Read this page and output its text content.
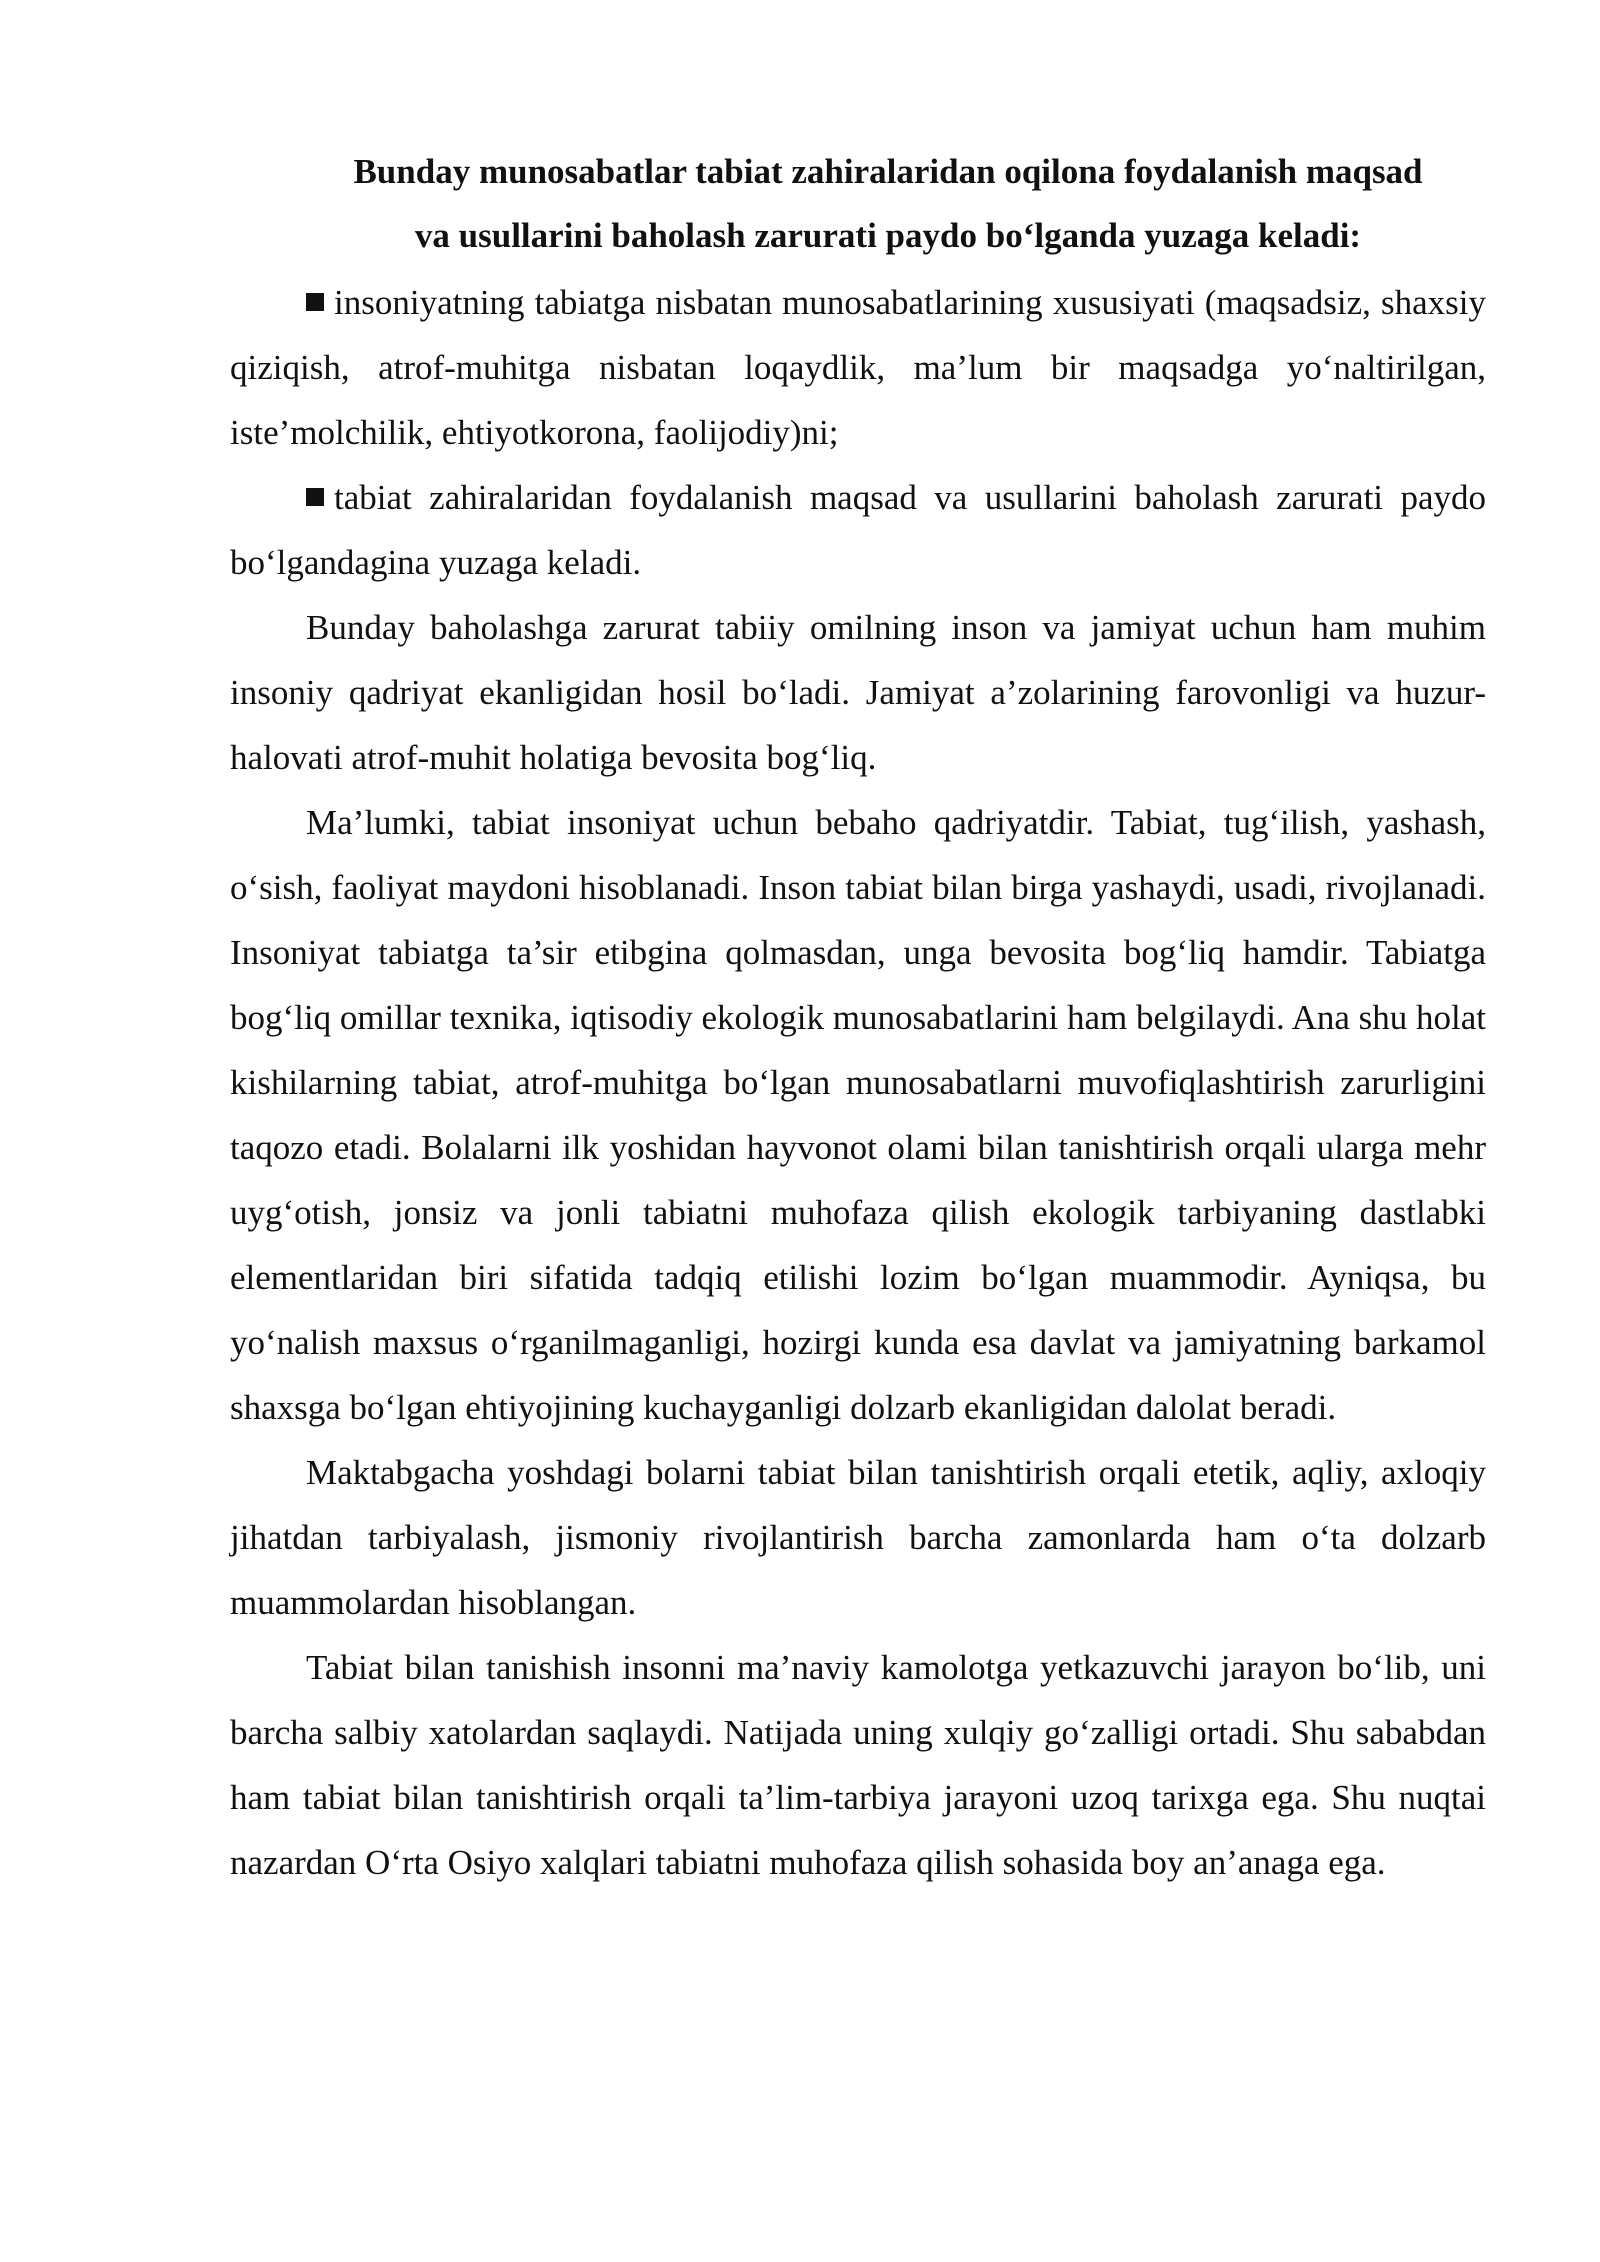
Bunday munosabatlar tabiat zahiralaridan oqilona foydalanish maqsad
va usullarini baholash zarurati paydo bo‘lganda yuzaga keladi:

insoniyatning tabiatga nisbatan munosabatlarining xususiyati (maqsadsiz, shaxsiy qiziqish, atrof-muhitga nisbatan loqaydlik, ma’lum bir maqsadga yo‘naltirilgan, iste’molchilik, ehtiyotkorona, faolijodiy)ni;

tabiat zahiralaridan foydalanish maqsad va usullarini baholash zarurati paydo bo‘lgandagina yuzaga keladi.

Bunday baholashga zarurat tabiiy omilning inson va jamiyat uchun ham muhim insoniy qadriyat ekanligidan hosil bo‘ladi. Jamiyat a’zolarining farovonligi va huzur-halovati atrof-muhit holatiga bevosita bog‘liq.

Ma’lumki, tabiat insoniyat uchun bebaho qadriyatdir. Tabiat, tug‘ilish, yashash, o‘sish, faoliyat maydoni hisoblanadi. Inson tabiat bilan birga yashaydi, usadi, rivojlanadi. Insoniyat tabiatga ta’sir etibgina qolmasdan, unga bevosita bog‘liq hamdir. Tabiatga bog‘liq omillar texnika, iqtisodiy ekologik munosabatlarini ham belgilaydi. Ana shu holat kishilarning tabiat, atrof-muhitga bo‘lgan munosabatlarni muvofiqlashtirish zarurligini taqozo etadi. Bolalarni ilk yoshidan hayvonot olami bilan tanishtirish orqali ularga mehr uyg‘otish, jonsiz va jonli tabiatni muhofaza qilish ekologik tarbiyaning dastlabki elementlaridan biri sifatida tadqiq etilishi lozim bo‘lgan muammodir. Ayniqsa, bu yo‘nalish maxsus o‘rganilmaganligi, hozirgi kunda esa davlat va jamiyatning barkamol shaxsga bo‘lgan ehtiyojining kuchayganligi dolzarb ekanligidan dalolat beradi.

Maktabgacha yoshdagi bolarni tabiat bilan tanishtirish orqali etetik, aqliy, axloqiy jihatdan tarbiyalash, jismoniy rivojlantirish barcha zamonlarda ham o‘ta dolzarb muammolardan hisoblangan.

Tabiat bilan tanishish insonni ma’naviy kamolotga yetkazuvchi jarayon bo‘lib, uni barcha salbiy xatolardan saqlaydi. Natijada uning xulqiy go‘zalligi ortadi. Shu sababdan ham tabiat bilan tanishtirish orqali ta’lim-tarbiya jarayoni uzoq tarixga ega. Shu nuqtai nazardan O‘rta Osiyo xalqlari tabiatni muhofaza qilish sohasida boy an’anaga ega.
